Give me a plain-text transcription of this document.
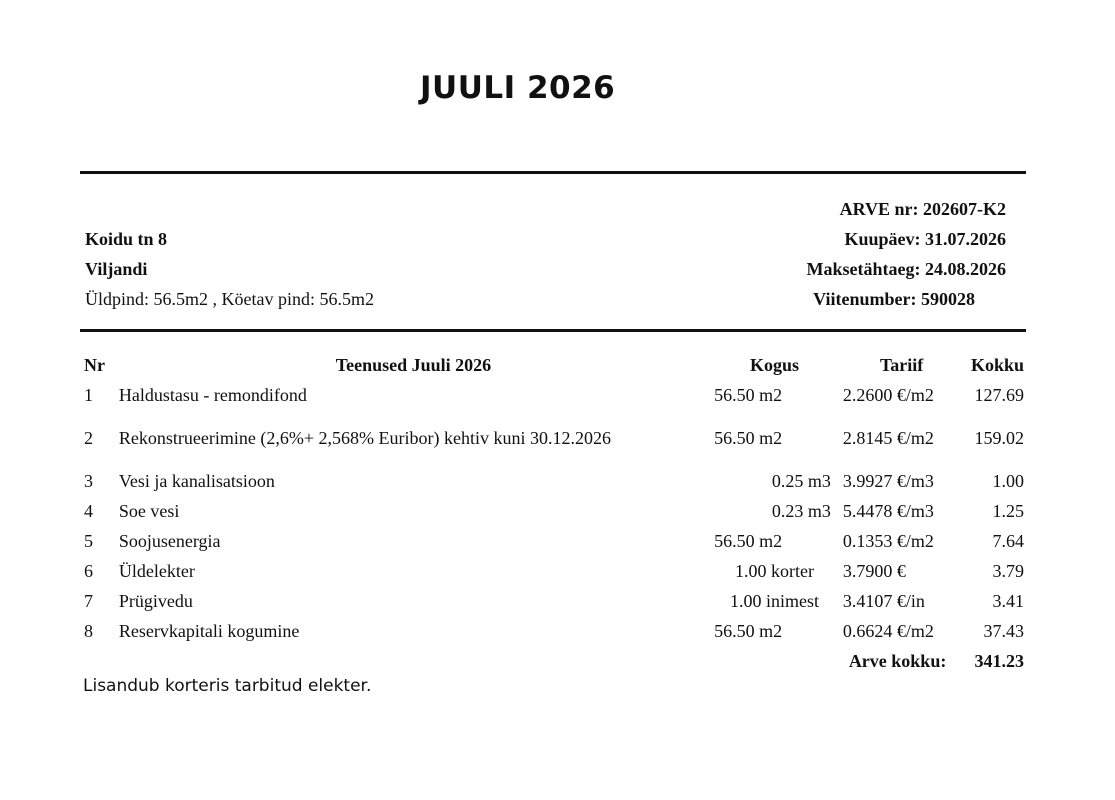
JUULI 2026
Koidu tn 8
Viljandi
Üldpind: 56.5m2 , Köetav pind: 56.5m2
ARVE nr: 202607-K2
Kuupäev: 31.07.2026
Maksetähtaeg: 24.08.2026
Viitenumber: 590028
Nr	Teenused Juuli 2026	Kogus	Tariif	Kokku
1	Haldustasu - remondifond	56.50 m2	2.2600 €/m2	127.69
2	Rekonstrueerimine (2,6%+ 2,568% Euribor) kehtiv kuni 30.12.2026	56.50 m2	2.8145 €/m2	159.02
3	Vesi ja kanalisatsioon	0.25 m3	3.9927 €/m3	1.00
4	Soe vesi	0.23 m3	5.4478 €/m3	1.25
5	Soojusenergia	56.50 m2	0.1353 €/m2	7.64
6	Üldelekter	1.00 korter	3.7900 €	3.79
7	Prügivedu	1.00 inimest	3.4107 €/in	3.41
8	Reservkapitali kogumine	56.50 m2	0.6624 €/m2	37.43
			Arve kokku:	341.23
Lisandub korteris tarbitud elekter.
